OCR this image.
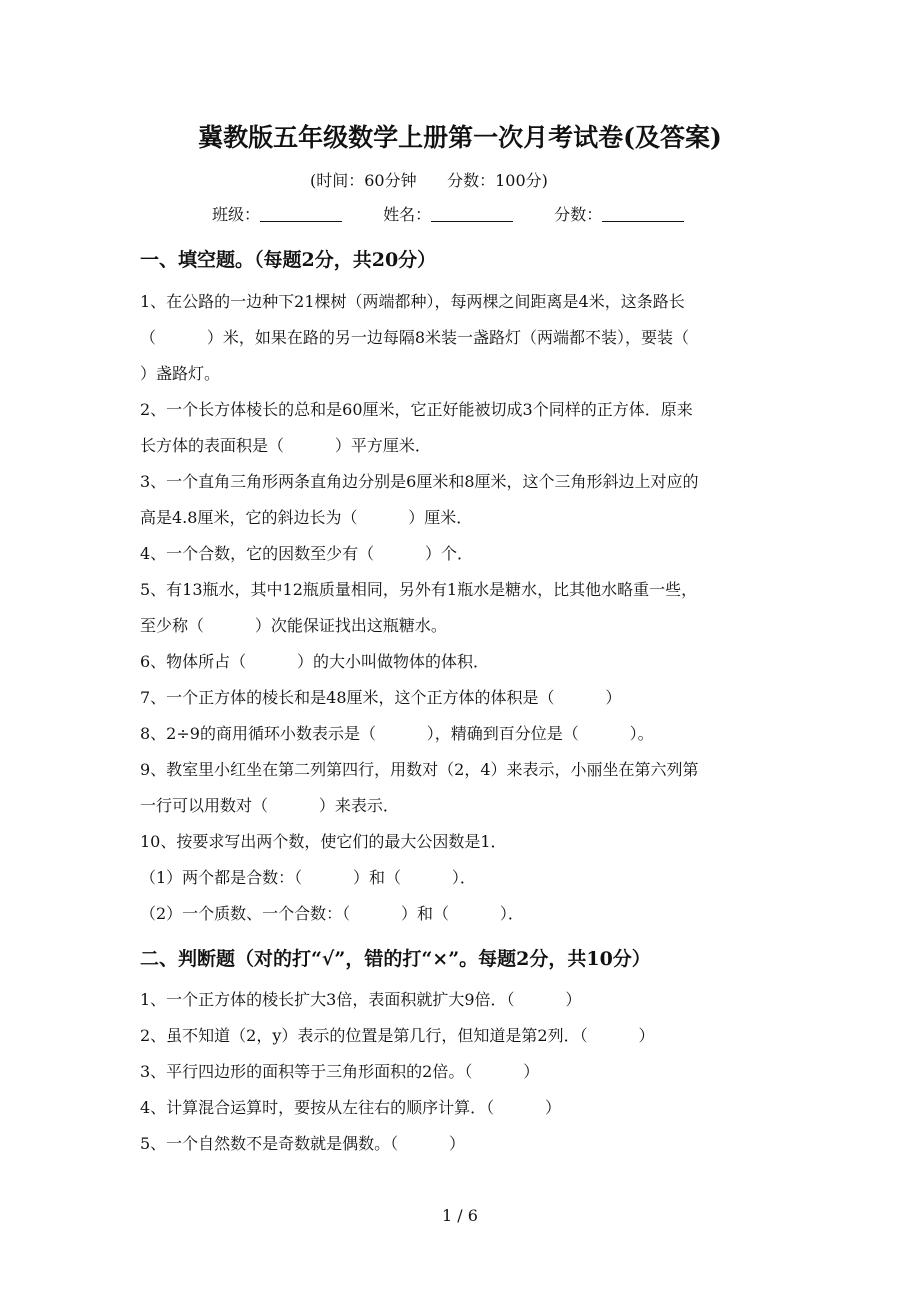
冀教版五年级数学上册第一次月考试卷(及答案)
(时间：60分钟      分数：100分)
班级：	姓名：	分数：
一、填空题。（每题2分，共20分）
1、在公路的一边种下21棵树（两端都种），每两棵之间距离是4米，这条路长
（          ）米，如果在路的另一边每隔8米装一盏路灯（两端都不装），要装（
）盏路灯。
2、一个长方体棱长的总和是60厘米，它正好能被切成3个同样的正方体．原来
长方体的表面积是（          ）平方厘米．
3、一个直角三角形两条直角边分别是6厘米和8厘米，这个三角形斜边上对应的
高是4.8厘米，它的斜边长为（          ）厘米．
4、一个合数，它的因数至少有（          ）个．
5、有13瓶水，其中12瓶质量相同，另外有1瓶水是糖水，比其他水略重一些，
至少称（          ）次能保证找出这瓶糖水。
6、物体所占（          ）的大小叫做物体的体积．
7、一个正方体的棱长和是48厘米，这个正方体的体积是（          ）
8、2÷9的商用循环小数表示是（          ），精确到百分位是（          ）。
9、教室里小红坐在第二列第四行，用数对（2，4）来表示，小丽坐在第六列第
一行可以用数对（          ）来表示．
10、按要求写出两个数，使它们的最大公因数是1．
（1）两个都是合数：（          ）和（          ）．
（2）一个质数、一个合数：（          ）和（          ）．
二、判断题（对的打“√”，错的打“×”。每题2分，共10分）
1、一个正方体的棱长扩大3倍，表面积就扩大9倍．（          ）
2、虽不知道（2，y）表示的位置是第几行，但知道是第2列．（          ）
3、平行四边形的面积等于三角形面积的2倍。（          ）
4、计算混合运算时，要按从左往右的顺序计算．（          ）
5、一个自然数不是奇数就是偶数。（          ）
1 / 6
